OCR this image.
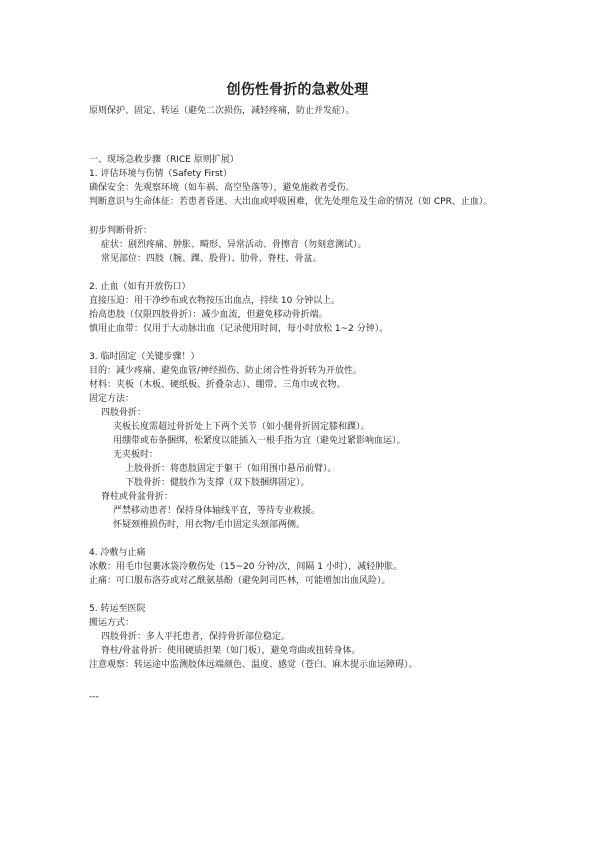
创伤性骨折的急救处理
原则保护、固定、转运（避免二次损伤，减轻疼痛，防止并发症）。
一、现场急救步骤（RICE 原则扩展）
1. 评估环境与伤情（Safety First）
确保安全：先观察环境（如车祸、高空坠落等），避免施救者受伤。
判断意识与生命体征：若患者昏迷、大出血或呼吸困难，优先处理危及生命的情况（如 CPR、止血）。
初步判断骨折：
症状：剧烈疼痛、肿胀、畸形、异常活动、骨擦音（勿刻意测试）。
常见部位：四肢（腕、踝、股骨）、肋骨、脊柱、骨盆。
2. 止血（如有开放伤口）
直接压迫：用干净纱布或衣物按压出血点，持续 10 分钟以上。
抬高患肢（仅限四肢骨折）：减少血流，但避免移动骨折端。
慎用止血带：仅用于大动脉出血（记录使用时间，每小时放松 1~2 分钟）。
3. 临时固定（关键步骤！）
目的：减少疼痛、避免血管/神经损伤、防止闭合性骨折转为开放性。
材料：夹板（木板、硬纸板、折叠杂志）、绷带、三角巾或衣物。
固定方法：
四肢骨折：
夹板长度需超过骨折处上下两个关节（如小腿骨折固定膝和踝）。
用绷带或布条捆绑，松紧度以能插入一根手指为宜（避免过紧影响血运）。
无夹板时：
上肢骨折：将患肢固定于躯干（如用围巾悬吊前臂）。
下肢骨折：健肢作为支撑（双下肢捆绑固定）。
脊柱或骨盆骨折：
严禁移动患者！保持身体轴线平直，等待专业救援。
怀疑颈椎损伤时，用衣物/毛巾固定头颈部两侧。
4. 冷敷与止痛
冰敷：用毛巾包裹冰袋冷敷伤处（15~20 分钟/次，间隔 1 小时），减轻肿胀。
止痛：可口服布洛芬或对乙酰氨基酚（避免阿司匹林，可能增加出血风险）。
5. 转运至医院
搬运方式：
四肢骨折：多人平托患者，保持骨折部位稳定。
脊柱/骨盆骨折：使用硬质担架（如门板），避免弯曲或扭转身体。
注意观察：转运途中监测肢体远端颜色、温度、感觉（苍白、麻木提示血运障碍）。
---
